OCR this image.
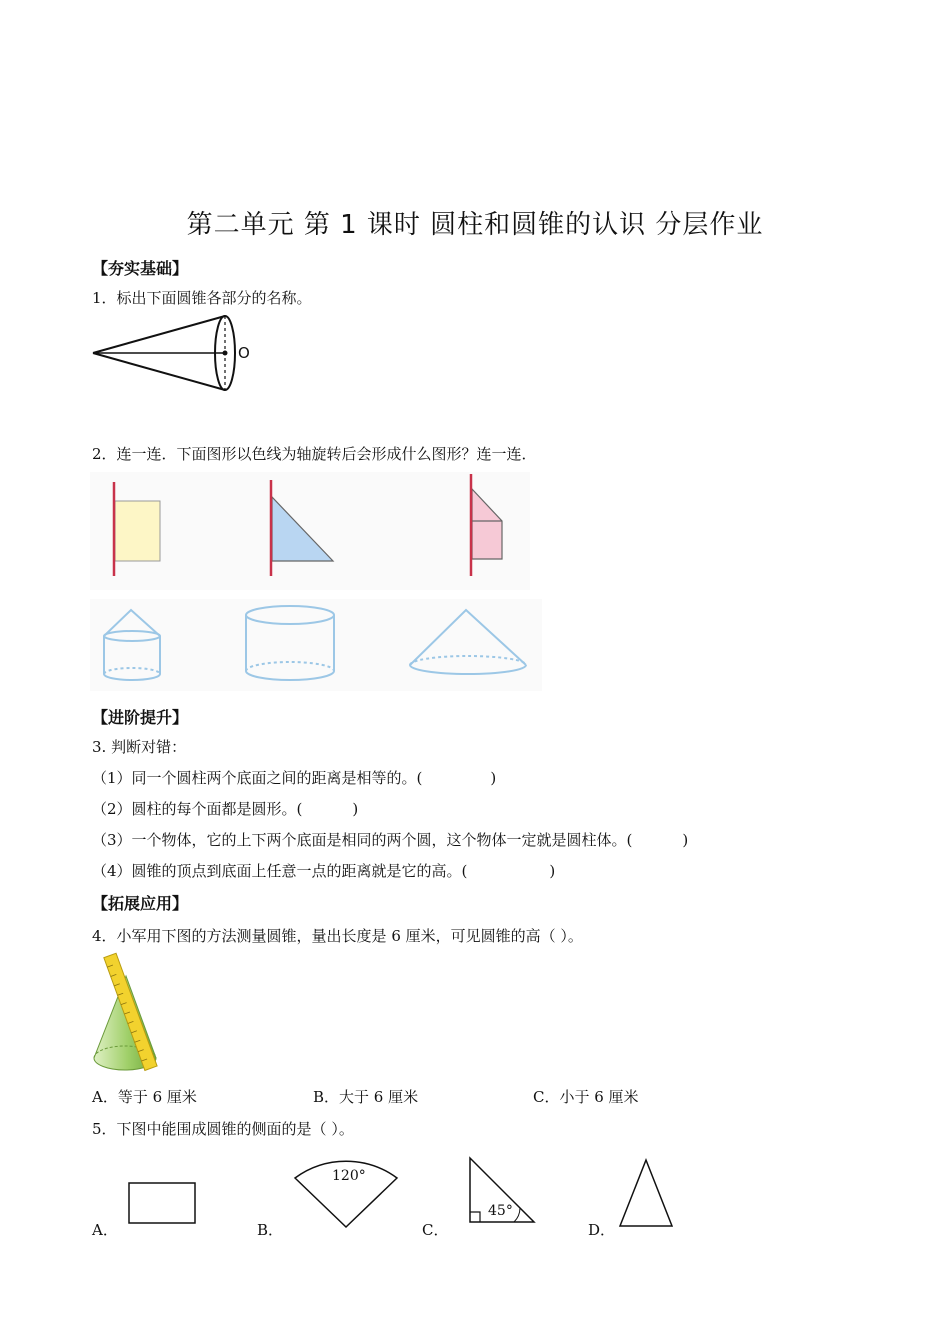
第二单元 第 1 课时 圆柱和圆锥的认识 分层作业
【夯实基础】
1．标出下面圆锥各部分的名称。
O
2．连一连．下面图形以色线为轴旋转后会形成什么图形？连一连．
【进阶提升】
3. 判断对错：
（1）同一个圆柱两个底面之间的距离是相等的。(	)
（2）圆柱的每个面都是圆形。(	)
（3）一个物体，它的上下两个底面是相同的两个圆，这个物体一定就是圆柱体。(	)
（4）圆锥的顶点到底面上任意一点的距离就是它的高。(	)
【拓展应用】
4．小军用下图的方法测量圆锥，量出长度是 6 厘米，可见圆锥的高（ ）。
A．等于 6 厘米	B．大于 6 厘米	C．小于 6 厘米
5．下图中能围成圆锥的侧面的是（ ）。
A．	B．
120°
C．
45°
D．
